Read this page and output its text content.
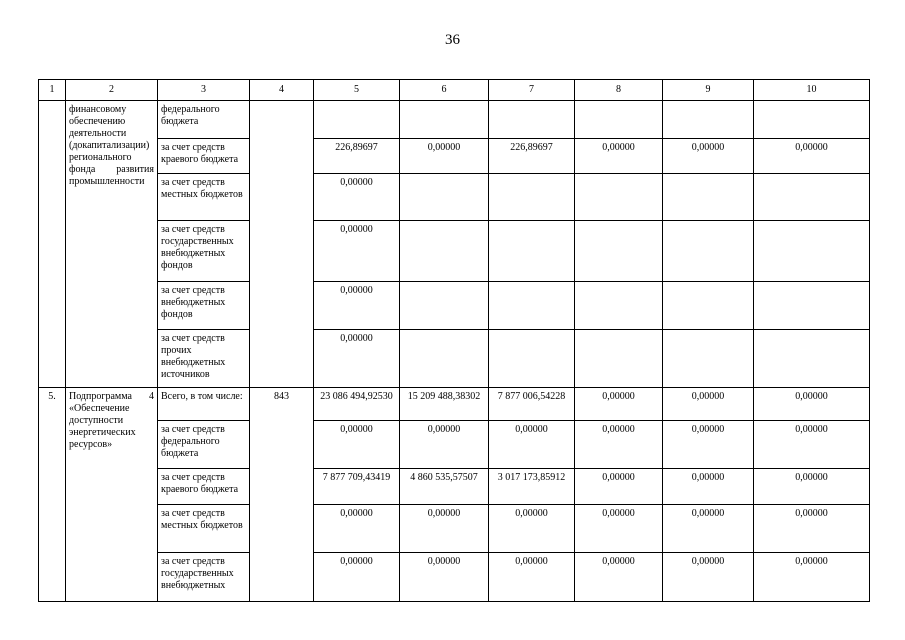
36
1	2	3	4	5	6	7	8	9	10
	финансовому обеспечению деятельности (докапитализации) регионального фонда развития промышленности	федерального бюджета							
		за счет средств краевого бюджета		226,89697	0,00000	226,89697	0,00000	0,00000	0,00000
		за счет средств местных бюджетов		0,00000					
		за счет средств государственных внебюджетных фондов		0,00000					
		за счет средств внебюджетных фондов		0,00000					
		за счет средств прочих внебюджетных источников		0,00000					
5.	Подпрограмма 4 «Обеспечение доступности энергетических ресурсов»	Всего, в том числе:	843	23 086 494,92530	15 209 488,38302	7 877 006,54228	0,00000	0,00000	0,00000
		за счет средств федерального бюджета		0,00000	0,00000	0,00000	0,00000	0,00000	0,00000
		за счет средств краевого бюджета		7 877 709,43419	4 860 535,57507	3 017 173,85912	0,00000	0,00000	0,00000
		за счет средств местных бюджетов		0,00000	0,00000	0,00000	0,00000	0,00000	0,00000
		за счет средств государственных внебюджетных		0,00000	0,00000	0,00000	0,00000	0,00000	0,00000
